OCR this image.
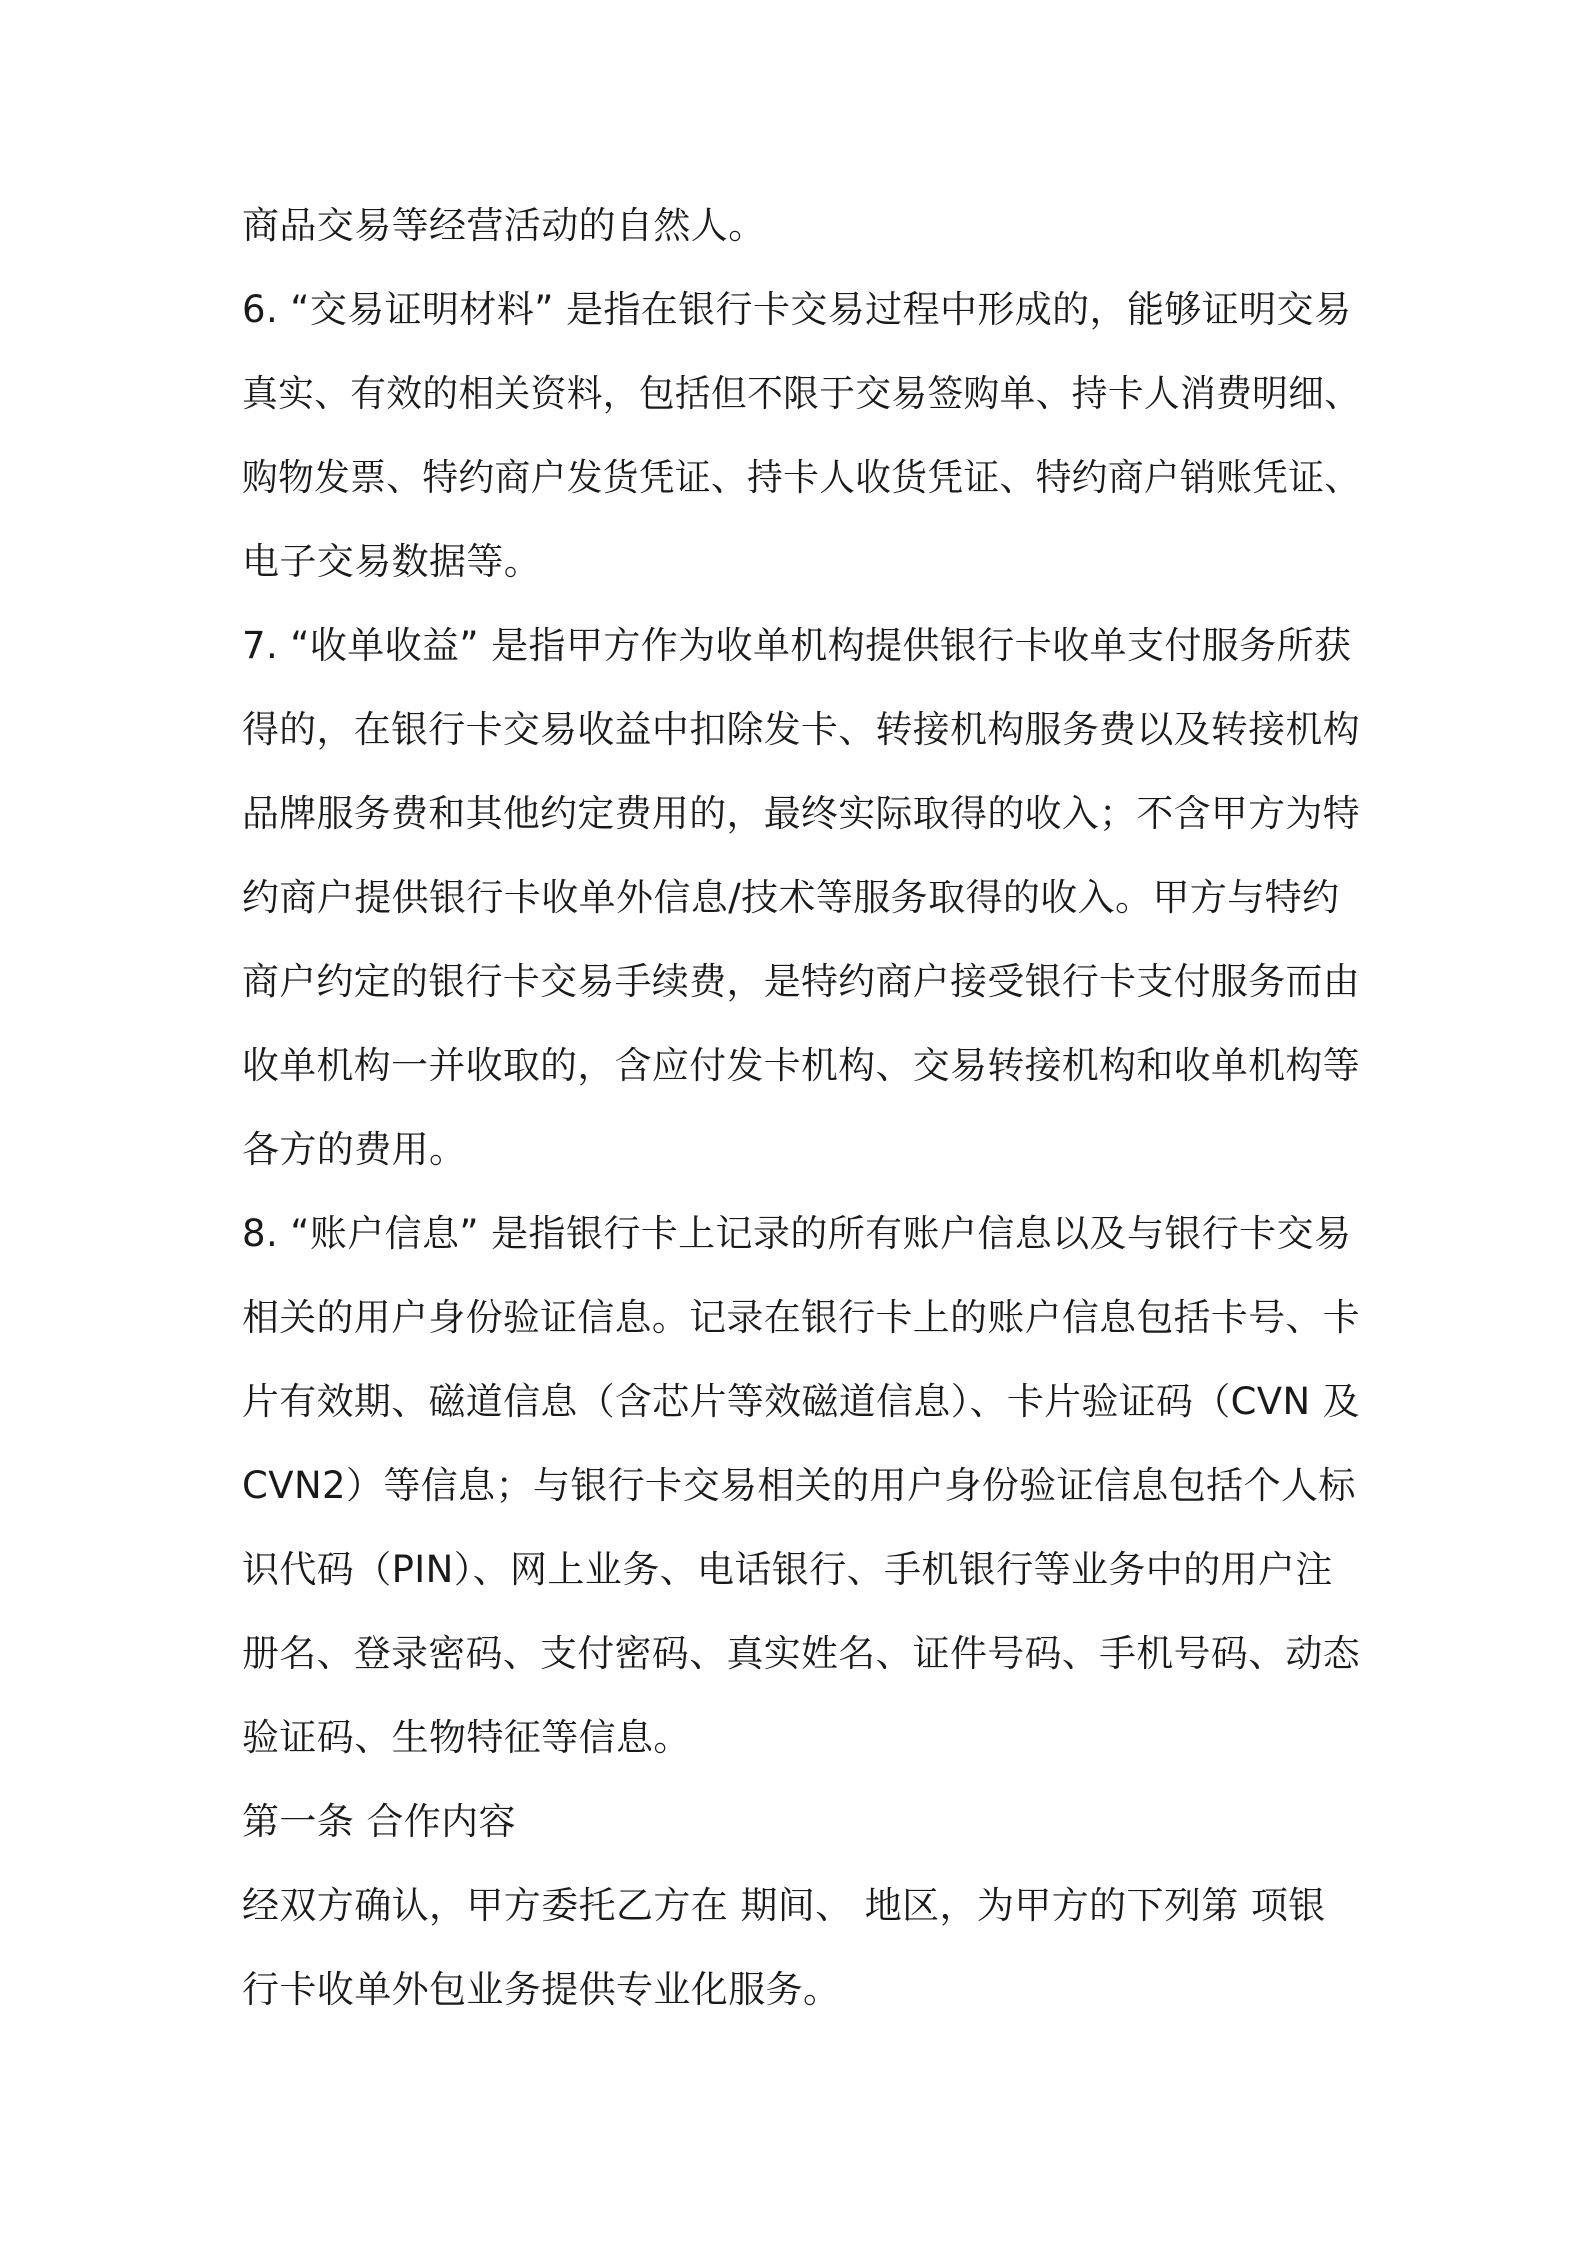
商品交易等经营活动的自然人。
6. “交易证明材料” 是指在银行卡交易过程中形成的，能够证明交易
真实、有效的相关资料，包括但不限于交易签购单、持卡人消费明细、
购物发票、特约商户发货凭证、持卡人收货凭证、特约商户销账凭证、
电子交易数据等。
7. “收单收益” 是指甲方作为收单机构提供银行卡收单支付服务所获
得的，在银行卡交易收益中扣除发卡、转接机构服务费以及转接机构
品牌服务费和其他约定费用的，最终实际取得的收入；不含甲方为特
约商户提供银行卡收单外信息/技术等服务取得的收入。甲方与特约
商户约定的银行卡交易手续费，是特约商户接受银行卡支付服务而由
收单机构一并收取的，含应付发卡机构、交易转接机构和收单机构等
各方的费用。
8. “账户信息” 是指银行卡上记录的所有账户信息以及与银行卡交易
相关的用户身份验证信息。记录在银行卡上的账户信息包括卡号、卡
片有效期、磁道信息（含芯片等效磁道信息）、卡片验证码（CVN 及
CVN2）等信息；与银行卡交易相关的用户身份验证信息包括个人标
识代码（PIN）、网上业务、电话银行、手机银行等业务中的用户注
册名、登录密码、支付密码、真实姓名、证件号码、手机号码、动态
验证码、生物特征等信息。
第一条 合作内容
经双方确认，甲方委托乙方在 期间、 地区，为甲方的下列第 项银
行卡收单外包业务提供专业化服务。
